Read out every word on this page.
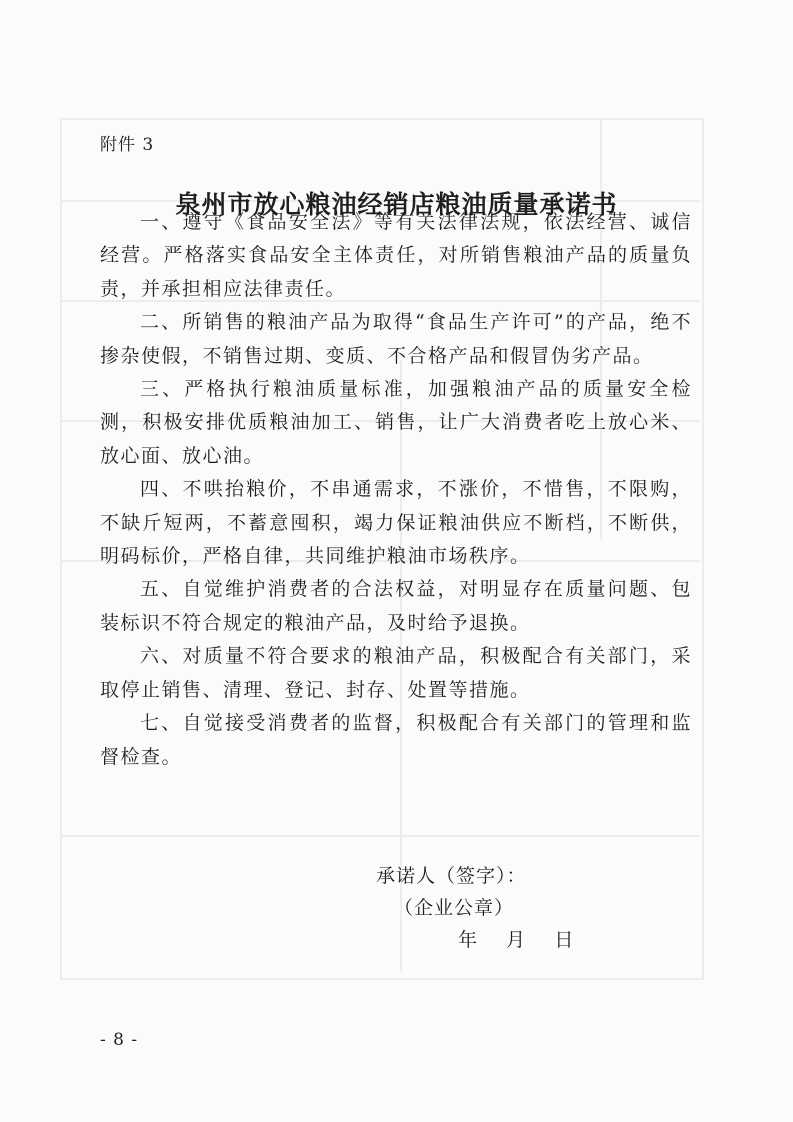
附件 3
泉州市放心粮油经销店粮油质量承诺书

一、遵守《食品安全法》等有关法律法规，依法经营、诚信经营。严格落实食品安全主体责任，对所销售粮油产品的质量负责，并承担相应法律责任。

二、所销售的粮油产品为取得“食品生产许可”的产品，绝不掺杂使假，不销售过期、变质、不合格产品和假冒伪劣产品。

三、严格执行粮油质量标准，加强粮油产品的质量安全检测，积极安排优质粮油加工、销售，让广大消费者吃上放心米、放心面、放心油。

四、不哄抬粮价，不串通需求，不涨价，不惜售，不限购，不缺斤短两，不蓄意囤积，竭力保证粮油供应不断档，不断供，明码标价，严格自律，共同维护粮油市场秩序。

五、自觉维护消费者的合法权益，对明显存在质量问题、包装标识不符合规定的粮油产品，及时给予退换。

六、对质量不符合要求的粮油产品，积极配合有关部门，采取停止销售、清理、登记、封存、处置等措施。

七、自觉接受消费者的监督，积极配合有关部门的管理和监督检查。

承诺人（签字）：
（企业公章）
年    月    日
- 8 -
